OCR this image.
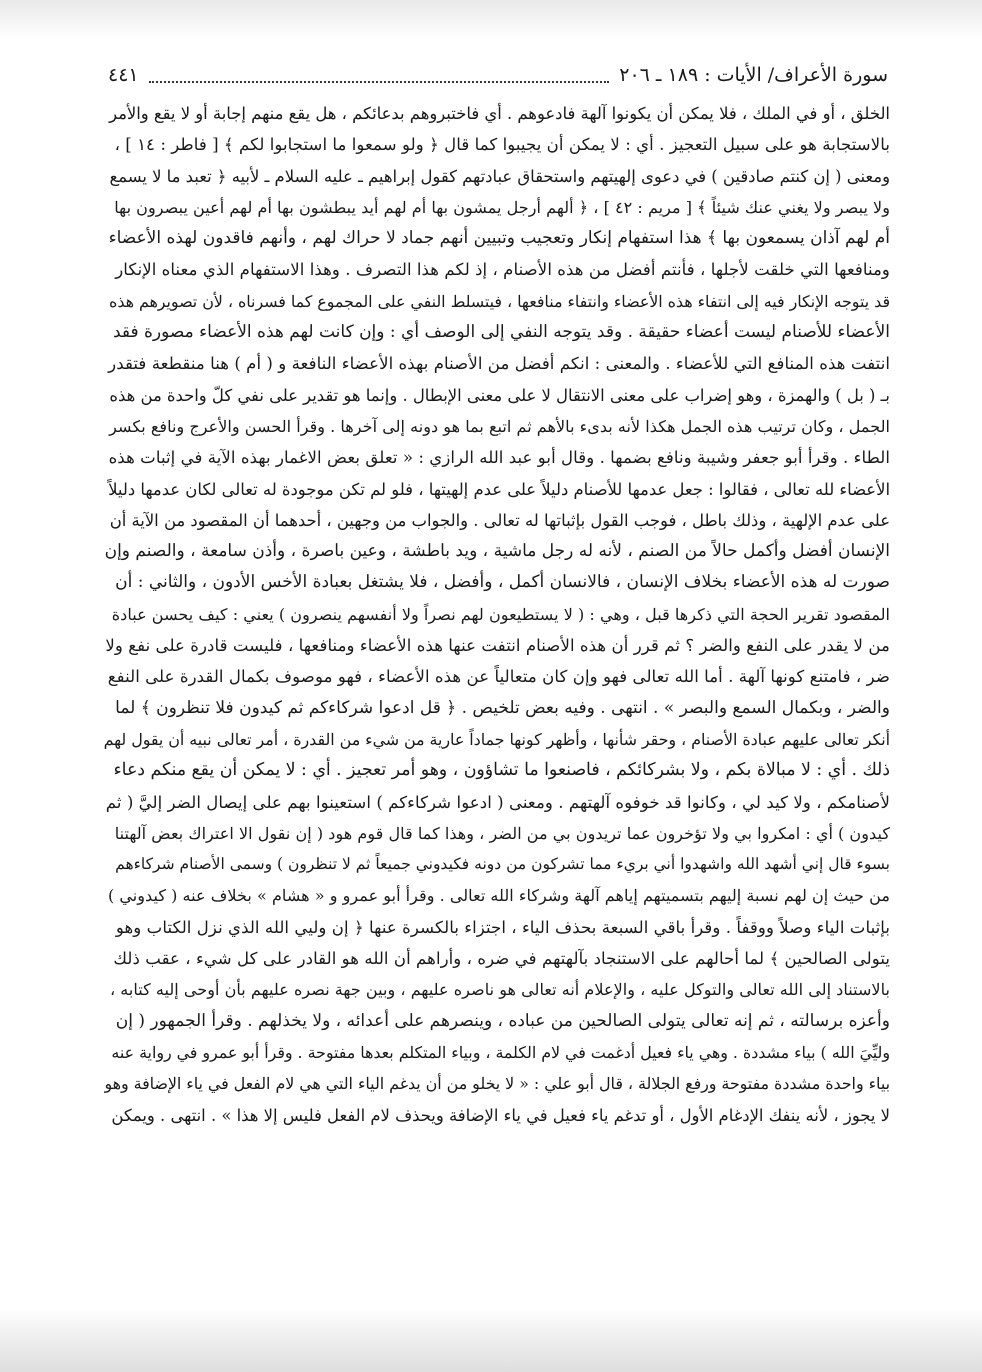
سورة الأعراف/ الأيات : ١٨٩ ـ ٢٠٦
٤٤١
الخلق ، أو في الملك ، فلا يمكن أن يكونوا آلهة فادعوهم . أي فاختبروهم بدعائكم ، هل يقع منهم إجابة أو لا يقع والأمر
بالاستجابة هو على سبيل التعجيز . أي : لا يمكن أن يجيبوا كما قال ﴿ ولو سمعوا ما استجابوا لكم ﴾ [ فاطر : ١٤ ] ،
ومعنى ( إن كنتم صادقين ) في دعوى إلهيتهم واستحقاق عبادتهم كقول إبراهيم ـ عليه السلام ـ لأبيه ﴿ تعبد ما لا يسمع
ولا يبصر ولا يغني عنك شيئاً ﴾ [ مريم : ٤٢ ] ، ﴿ ألهم أرجل يمشون بها أم لهم أيد يبطشون بها أم لهم أعين يبصرون بها
أم لهم آذان يسمعون بها ﴾ هذا استفهام إنكار وتعجيب وتبيين أنهم جماد لا حراك لهم ، وأنهم فاقدون لهذه الأعضاء
ومنافعها التي خلقت لأجلها ، فأنتم أفضل من هذه الأصنام ، إذ لكم هذا التصرف . وهذا الاستفهام الذي معناه الإنكار
قد يتوجه الإنكار فيه إلى انتفاء هذه الأعضاء وانتفاء منافعها ، فيتسلط النفي على المجموع كما فسرناه ، لأن تصويرهم هذه
الأعضاء للأصنام ليست أعضاء حقيقة . وقد يتوجه النفي إلى الوصف أي : وإن كانت لهم هذه الأعضاء مصورة فقد
انتفت هذه المنافع التي للأعضاء . والمعنى : انكم أفضل من الأصنام بهذه الأعضاء النافعة و ( أم ) هنا منقطعة فتقدر
بـ ( بل ) والهمزة ، وهو إضراب على معنى الانتقال لا على معنى الإبطال . وإنما هو تقدير على نفي كلّ واحدة من هذه
الجمل ، وكان ترتيب هذه الجمل هكذا لأنه بدىء بالأهم ثم اتبع بما هو دونه إلى آخرها . وقرأ الحسن والأعرج ونافع بكسر
الطاء . وقرأ أبو جعفر وشيبة ونافع بضمها . وقال أبو عبد الله الرازي : « تعلق بعض الاغمار بهذه الآية في إثبات هذه
الأعضاء لله تعالى ، فقالوا : جعل عدمها للأصنام دليلاً على عدم إلهيتها ، فلو لم تكن موجودة له تعالى لكان عدمها دليلاً
على عدم الإلهية ، وذلك باطل ، فوجب القول بإثباتها له تعالى . والجواب من وجهين ، أحدهما أن المقصود من الآية أن
الإنسان أفضل وأكمل حالاً من الصنم ، لأنه له رجل ماشية ، ويد باطشة ، وعين باصرة ، وأذن سامعة ، والصنم وإن
صورت له هذه الأعضاء بخلاف الإنسان ، فالانسان أكمل ، وأفضل ، فلا يشتغل بعبادة الأخس الأدون ، والثاني : أن
المقصود تقرير الحجة التي ذكرها قبل ، وهي : ( لا يستطيعون لهم نصراً ولا أنفسهم ينصرون ) يعني : كيف يحسن عبادة
من لا يقدر على النفع والضر ؟ ثم قرر أن هذه الأصنام انتفت عنها هذه الأعضاء ومنافعها ، فليست قادرة على نفع ولا
ضر ، فامتنع كونها آلهة . أما الله تعالى فهو وإن كان متعالياً عن هذه الأعضاء ، فهو موصوف بكمال القدرة على النفع
والضر ، وبكمال السمع والبصر » . انتهى . وفيه بعض تلخيص . ﴿ قل ادعوا شركاءكم ثم كيدون فلا تنظرون ﴾ لما
أنكر تعالى عليهم عبادة الأصنام ، وحقر شأنها ، وأظهر كونها جماداً عارية من شيء من القدرة ، أمر تعالى نبيه أن يقول لهم
ذلك . أي : لا مبالاة بكم ، ولا بشركائكم ، فاصنعوا ما تشاؤون ، وهو أمر تعجيز . أي : لا يمكن أن يقع منكم دعاء
لأصنامكم ، ولا كيد لي ، وكانوا قد خوفوه آلهتهم . ومعنى ( ادعوا شركاءكم ) استعينوا بهم على إيصال الضر إليَّ ( ثم
كيدون ) أي : امكروا بي ولا تؤخرون عما تريدون بي من الضر ، وهذا كما قال قوم هود ( إن نقول الا اعتراك بعض آلهتنا
بسوء قال إني أشهد الله واشهدوا أني بريء مما تشركون من دونه فكيدوني جميعاً ثم لا تنظرون ) وسمى الأصنام شركاءهم
من حيث إن لهم نسبة إليهم بتسميتهم إياهم آلهة وشركاء الله تعالى . وقرأ أبو عمرو و « هشام » بخلاف عنه ( كيدوني )
بإثبات الياء وصلاً ووقفاً . وقرأ باقي السبعة بحذف الياء ، اجتزاء بالكسرة عنها ﴿ إن وليي الله الذي نزل الكتاب وهو
يتولى الصالحين ﴾ لما أحالهم على الاستنجاد بآلهتهم في ضره ، وأراهم أن الله هو القادر على كل شيء ، عقب ذلك
بالاستناد إلى الله تعالى والتوكل عليه ، والإعلام أنه تعالى هو ناصره عليهم ، وبين جهة نصره عليهم بأن أوحى إليه كتابه ،
وأعزه برسالته ، ثم إنه تعالى يتولى الصالحين من عباده ، وينصرهم على أعدائه ، ولا يخذلهم . وقرأ الجمهور ( إن
وليِّيَ الله ) بياء مشددة . وهي ياء فعيل أدغمت في لام الكلمة ، وبياء المتكلم بعدها مفتوحة . وقرأ أبو عمرو في رواية عنه
بياء واحدة مشددة مفتوحة ورفع الجلالة ، قال أبو علي : « لا يخلو من أن يدغم الياء التي هي لام الفعل في ياء الإضافة وهو
لا يجوز ، لأنه ينفك الإدغام الأول ، أو تدغم ياء فعيل في ياء الإضافة ويحذف لام الفعل فليس إلا هذا » . انتهى . ويمكن
